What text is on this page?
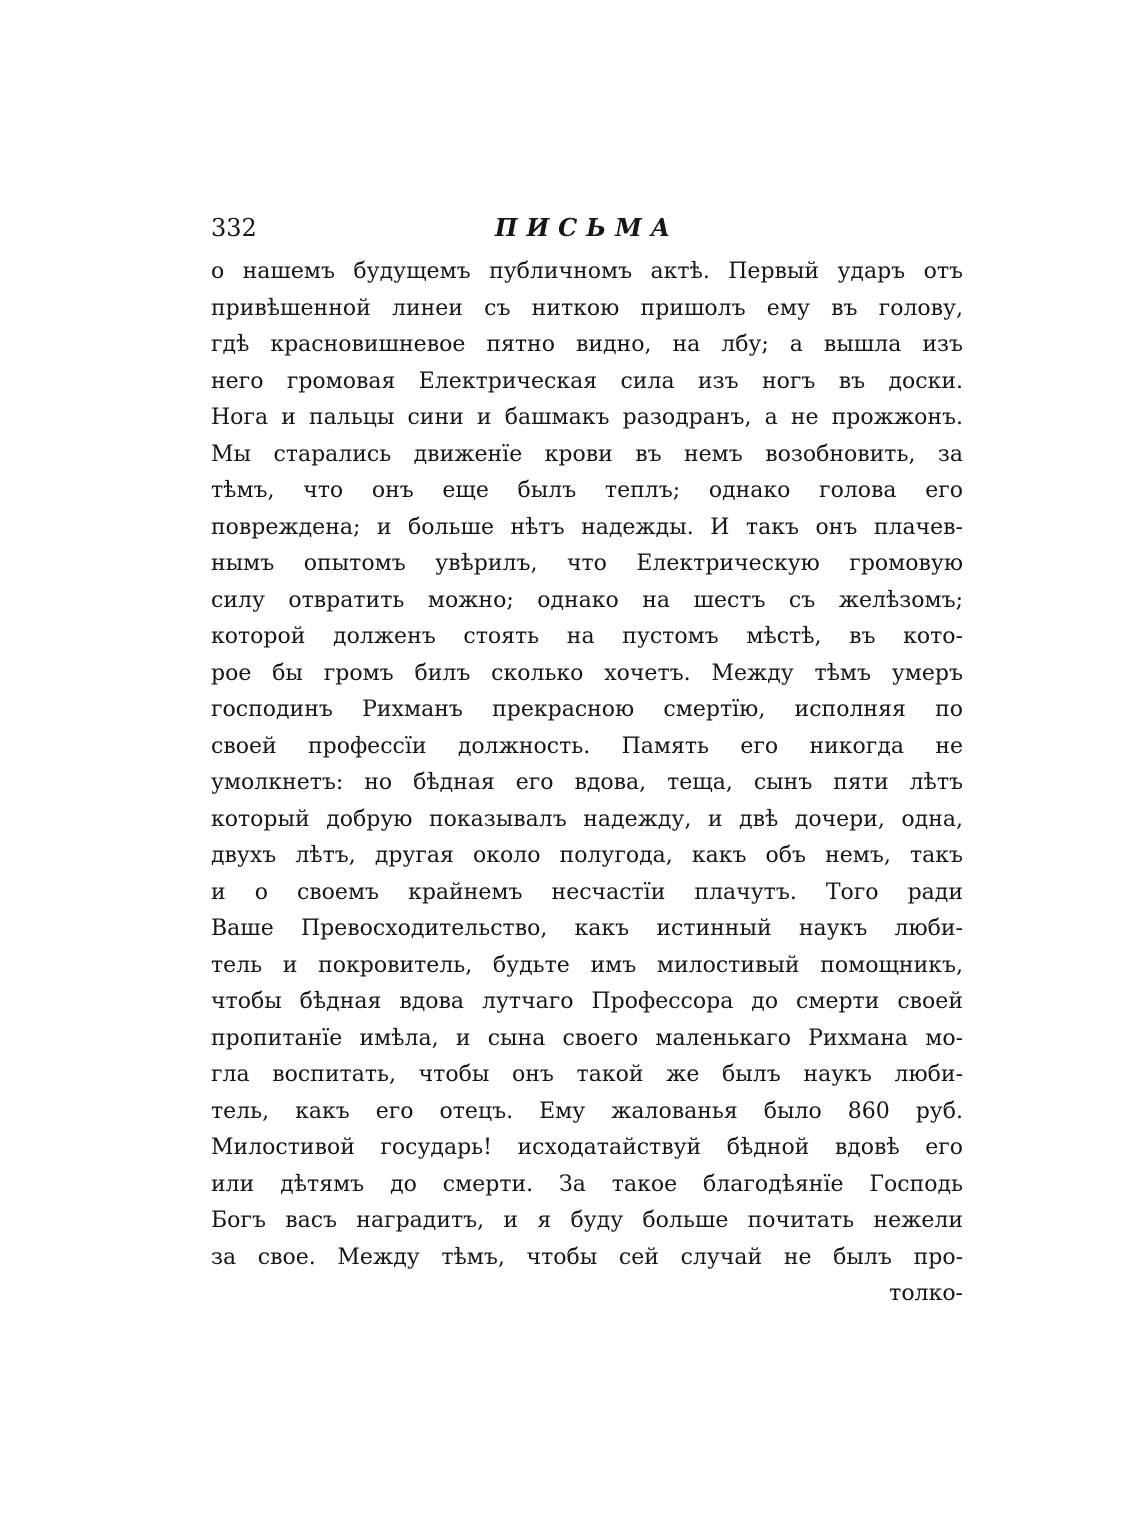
332	ПИСЬМА
о нашемъ будущемъ публичномъ актѣ. Первый ударъ отъ
привѣшенной линеи съ ниткою пришолъ ему въ голову,
гдѣ красновишневое пятно видно, на лбу; а вышла изъ
него громовая Електрическая сила изъ ногъ въ доски.
Нога и пальцы сини и башмакъ разодранъ, а не прожжонъ.
Мы старались движенїе крови въ немъ возобновить, за
тѣмъ, что онъ еще былъ теплъ; однако голова его
повреждена; и больше нѣтъ надежды. И такъ онъ плачев-
нымъ опытомъ увѣрилъ, что Електрическую громовую
силу отвратить можно; однако на шестъ съ желѣзомъ;
которой долженъ стоять на пустомъ мѣстѣ, въ кото-
рое бы громъ билъ сколько хочетъ. Между тѣмъ умеръ
господинъ Рихманъ прекрасною смертїю, исполняя по
своей профессїи должность. Память его никогда не
умолкнетъ: но бѣдная его вдова, теща, сынъ пяти лѣтъ
который добрую показывалъ надежду, и двѣ дочери, одна,
двухъ лѣтъ, другая около полугода, какъ объ немъ, такъ
и о своемъ крайнемъ несчастїи плачутъ. Того ради
Ваше Превосходительство, какъ истинный наукъ люби-
тель и покровитель, будьте имъ милостивый помощникъ,
чтобы бѣдная вдова лутчаго Профессора до смерти своей
пропитанїе имѣла, и сына своего маленькаго Рихмана мо-
гла воспитать, чтобы онъ такой же былъ наукъ люби-
тель, какъ его отецъ. Ему жалованья было 860 руб.
Милостивой государь! исходатайствуй бѣдной вдовѣ его
или дѣтямъ до смерти. За такое благодѣянїе Господь
Богъ васъ наградитъ, и я буду больше почитать нежели
за свое. Между тѣмъ, чтобы сей случай не былъ про-
толко-
